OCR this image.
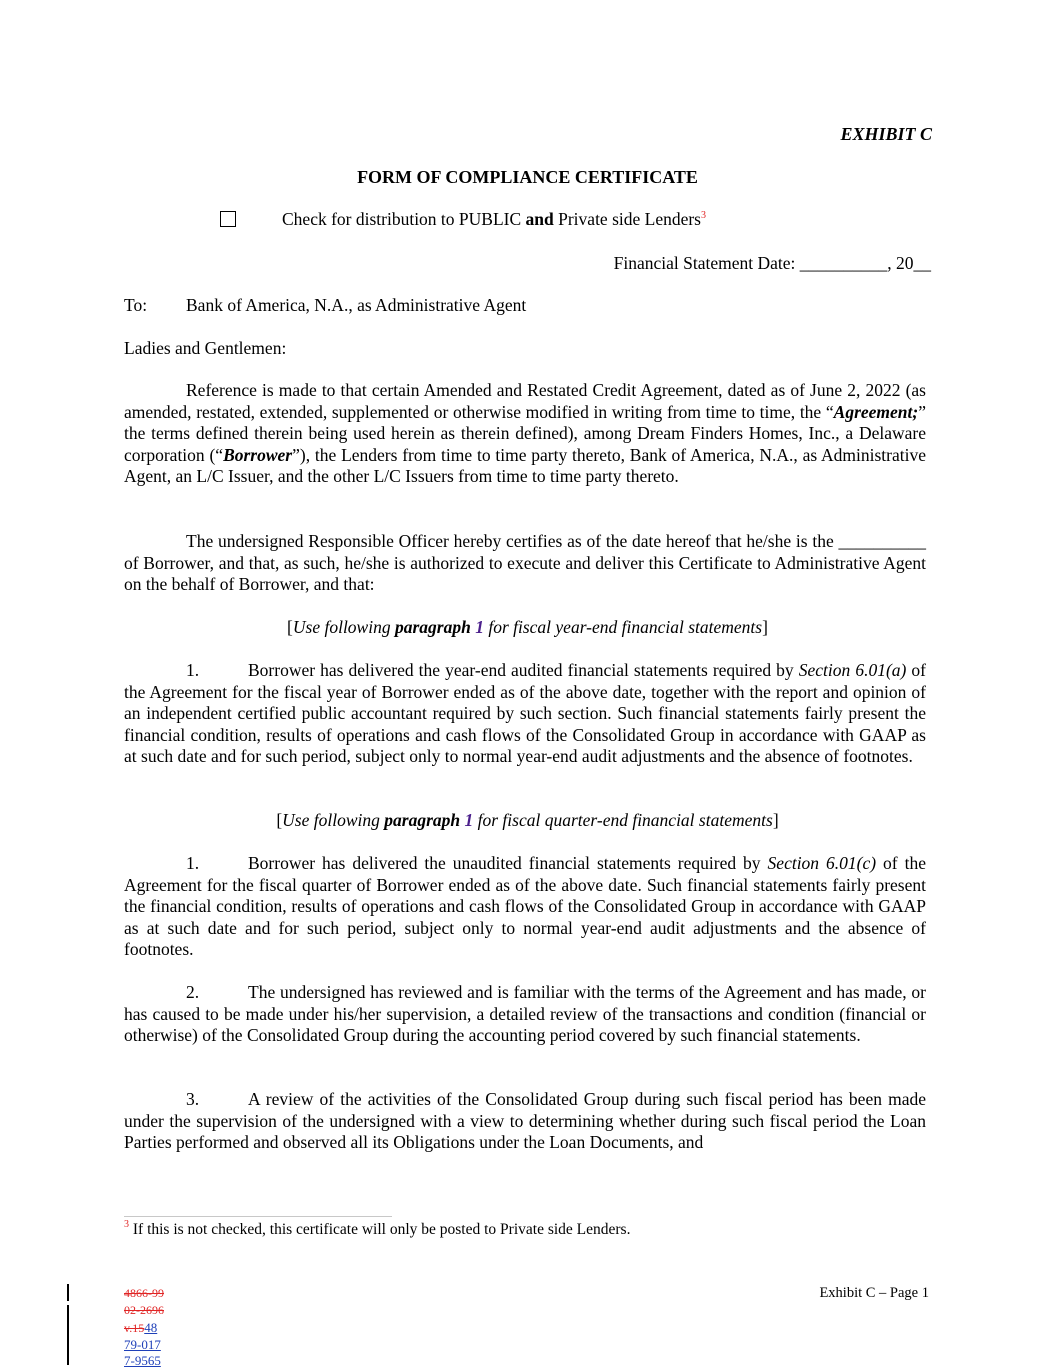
EXHIBIT C
FORM OF COMPLIANCE CERTIFICATE
Check for distribution to PUBLIC and Private side Lenders$^3$
Financial Statement Date: __________, 20__
To: Bank of America, N.A., as Administrative Agent
Ladies and Gentlemen:
Reference is made to that certain Amended and Restated Credit Agreement, dated as of June 2, 2022 (as amended, restated, extended, supplemented or otherwise modified in writing from time to time, the “Agreement;” the terms defined therein being used herein as therein defined), among Dream Finders Homes, Inc., a Delaware corporation (“Borrower”), the Lenders from time to time party thereto, Bank of America, N.A., as Administrative Agent, an L/C Issuer, and the other L/C Issuers from time to time party thereto.
The undersigned Responsible Officer hereby certifies as of the date hereof that he/she is the __________ of Borrower, and that, as such, he/she is authorized to execute and deliver this Certificate to Administrative Agent on the behalf of Borrower, and that:
[Use following paragraph 1 for fiscal year-end financial statements]
1.	Borrower has delivered the year-end audited financial statements required by Section 6.01(a) of the Agreement for the fiscal year of Borrower ended as of the above date, together with the report and opinion of an independent certified public accountant required by such section. Such financial statements fairly present the financial condition, results of operations and cash flows of the Consolidated Group in accordance with GAAP as at such date and for such period, subject only to normal year-end audit adjustments and the absence of footnotes.
[Use following paragraph 1 for fiscal quarter-end financial statements]
1.	Borrower has delivered the unaudited financial statements required by Section 6.01(c) of the Agreement for the fiscal quarter of Borrower ended as of the above date. Such financial statements fairly present the financial condition, results of operations and cash flows of the Consolidated Group in accordance with GAAP as at such date and for such period, subject only to normal year-end audit adjustments and the absence of footnotes.
2.	The undersigned has reviewed and is familiar with the terms of the Agreement and has made, or has caused to be made under his/her supervision, a detailed review of the transactions and condition (financial or otherwise) of the Consolidated Group during the accounting period covered by such financial statements.
3.	A review of the activities of the Consolidated Group during such fiscal period has been made under the supervision of the undersigned with a view to determining whether during such fiscal period the Loan Parties performed and observed all its Obligations under the Loan Documents, and
$^3$ If this is not checked, this certificate will only be posted to Private side Lenders.
Exhibit C – Page 1
4866-99
02-2696
v.1548
79-017
7-9565
